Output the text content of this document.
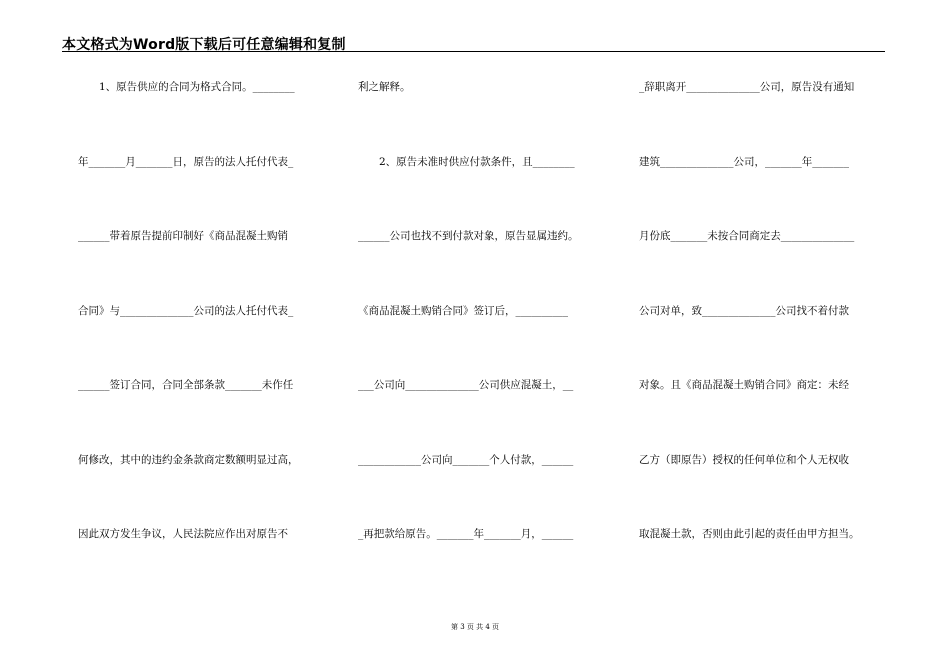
本文格式为Word版下载后可任意编辑和复制
　　1、原告供应的合同为格式合同。________
年_______月_______日，原告的法人托付代表_
______带着原告提前印制好《商品混凝土购销
合同》与______________公司的法人托付代表_
______签订合同，合同全部条款_______未作任
何修改，其中的违约金条款商定数额明显过高，
因此双方发生争议，人民法院应作出对原告不
利之解释。
　　2、原告未准时供应付款条件，且________
______公司也找不到付款对象，原告显属违约。
《商品混凝土购销合同》签订后，__________
___公司向______________公司供应混凝土，__
____________公司向_______个人付款，______
_再把款给原告。_______年_______月，______
_辞职离开______________公司，原告没有通知
建筑______________公司，_______年_______
月份底_______未按合同商定去______________
公司对单，致______________公司找不着付款
对象。且《商品混凝土购销合同》商定：未经
乙方（即原告）授权的任何单位和个人无权收
取混凝土款，否则由此引起的责任由甲方担当。
第 3 页 共 4 页
